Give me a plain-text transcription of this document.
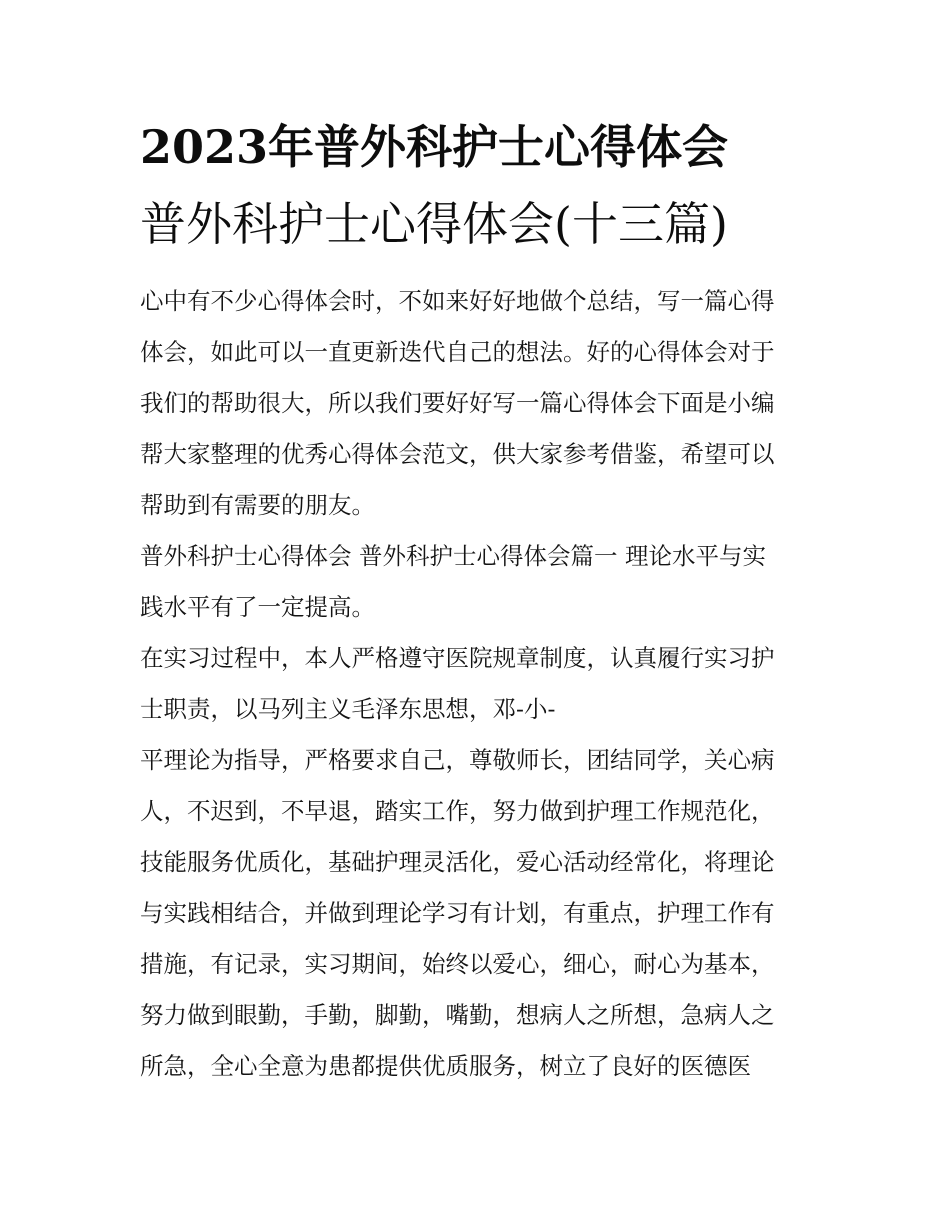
2023年普外科护士心得体会
普外科护士心得体会(十三篇)
心中有不少心得体会时，不如来好好地做个总结，写一篇心得
体会，如此可以一直更新迭代自己的想法。好的心得体会对于
我们的帮助很大，所以我们要好好写一篇心得体会下面是小编
帮大家整理的优秀心得体会范文，供大家参考借鉴，希望可以
帮助到有需要的朋友。
普外科护士心得体会 普外科护士心得体会篇一 理论水平与实
践水平有了一定提高。
在实习过程中，本人严格遵守医院规章制度，认真履行实习护
士职责，以马列主义毛泽东思想，邓-小-
平理论为指导，严格要求自己，尊敬师长，团结同学，关心病
人，不迟到，不早退，踏实工作，努力做到护理工作规范化，
技能服务优质化，基础护理灵活化，爱心活动经常化，将理论
与实践相结合，并做到理论学习有计划，有重点，护理工作有
措施，有记录，实习期间，始终以爱心，细心，耐心为基本，
努力做到眼勤，手勤，脚勤，嘴勤，想病人之所想，急病人之
所急，全心全意为患都提供优质服务，树立了良好的医德医
